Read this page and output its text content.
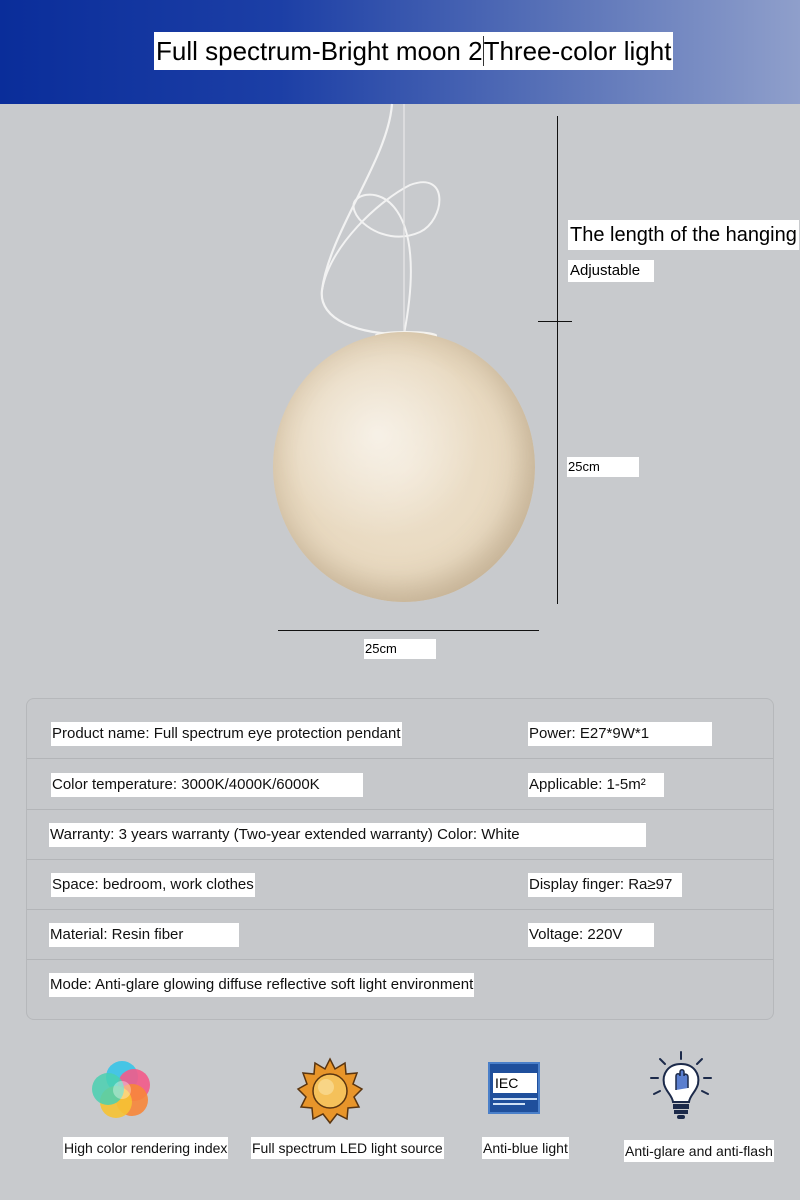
Full spectrum-Bright moon 2Three-color light
The length of the hanging
Adjustable
25cm
25cm
Product name: Full spectrum eye protection pendant	Power: E27*9W*1
Color temperature: 3000K/4000K/6000K	Applicable: 1-5m²
Warranty: 3 years warranty (Two-year extended warranty) Color: White
Space: bedroom, work clothes	Display finger: Ra≥97
Material: Resin fiber	Voltage: 220V
Mode: Anti-glare glowing diffuse reflective soft light environment
High color rendering index Full spectrum LED light source
IEC
Anti-blue light	Anti-glare and anti-flash
